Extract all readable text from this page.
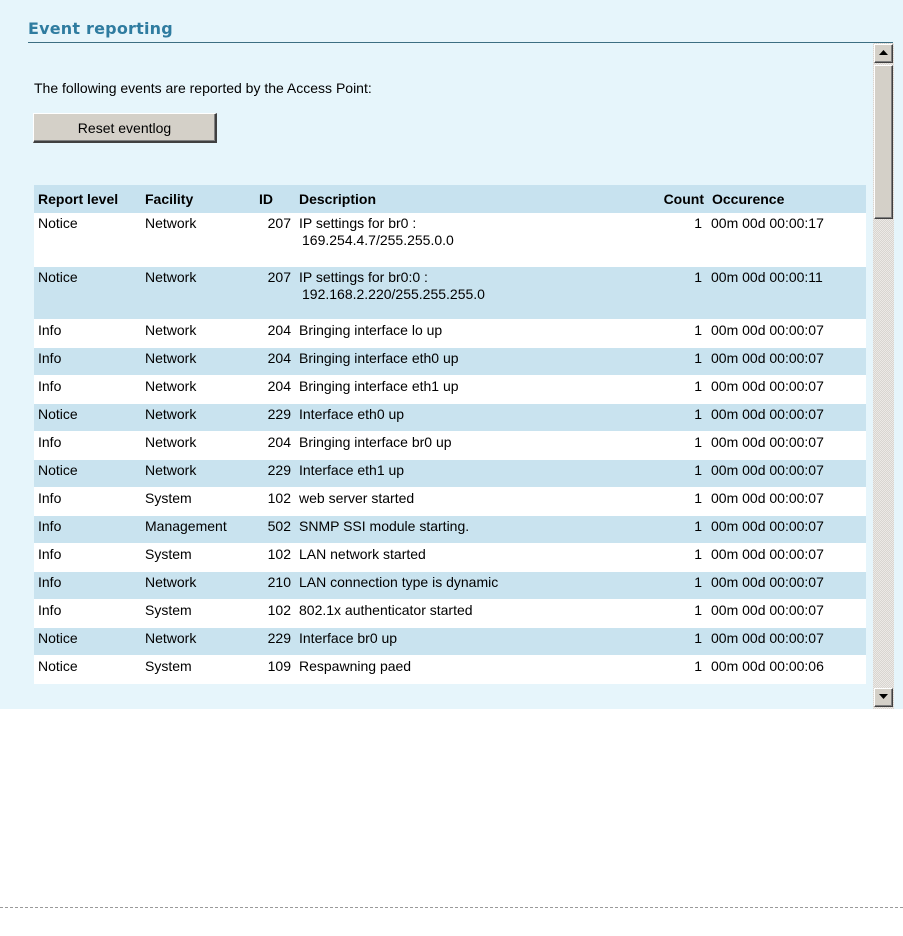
Event reporting
The following events are reported by the Access Point:
Reset eventlog
Report level	Facility	ID	Description	Count	Occurence
Notice	Network	207	IP settings for br0 :
169.254.4.7/255.255.0.0	1	00m 00d 00:00:17
Notice	Network	207	IP settings for br0:0 :
192.168.2.220/255.255.255.0	1	00m 00d 00:00:11
Info	Network	204	Bringing interface lo up	1	00m 00d 00:00:07
Info	Network	204	Bringing interface eth0 up	1	00m 00d 00:00:07
Info	Network	204	Bringing interface eth1 up	1	00m 00d 00:00:07
Notice	Network	229	Interface eth0 up	1	00m 00d 00:00:07
Info	Network	204	Bringing interface br0 up	1	00m 00d 00:00:07
Notice	Network	229	Interface eth1 up	1	00m 00d 00:00:07
Info	System	102	web server started	1	00m 00d 00:00:07
Info	Management	502	SNMP SSI module starting.	1	00m 00d 00:00:07
Info	System	102	LAN network started	1	00m 00d 00:00:07
Info	Network	210	LAN connection type is dynamic	1	00m 00d 00:00:07
Info	System	102	802.1x authenticator started	1	00m 00d 00:00:07
Notice	Network	229	Interface br0 up	1	00m 00d 00:00:07
Notice	System	109	Respawning paed	1	00m 00d 00:00:06
